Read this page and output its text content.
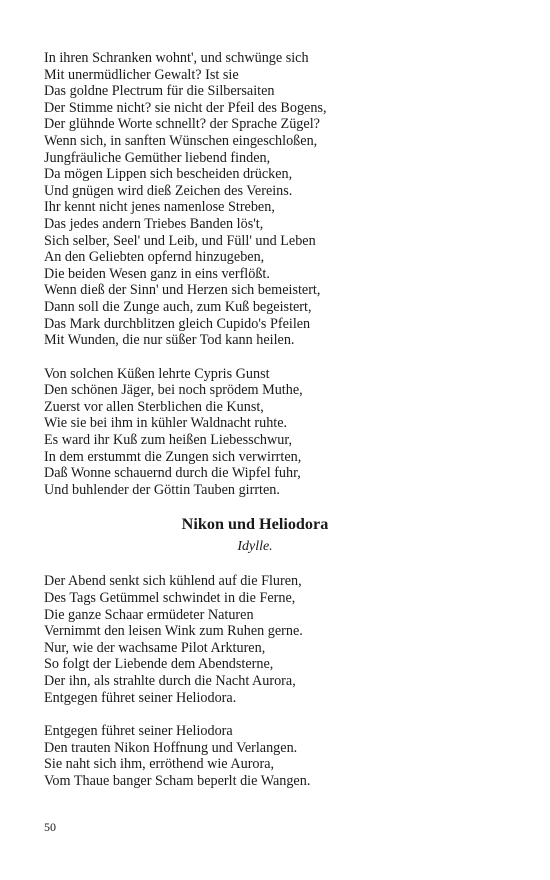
In ihren Schranken wohnt', und schwünge sich
Mit unermüdlicher Gewalt? Ist sie
Das goldne Plectrum für die Silbersaiten
Der Stimme nicht? sie nicht der Pfeil des Bogens,
Der glühnde Worte schnellt? der Sprache Zügel?
Wenn sich, in sanften Wünschen eingeschloßen,
Jungfräuliche Gemüther liebend finden,
Da mögen Lippen sich bescheiden drücken,
Und gnügen wird dieß Zeichen des Vereins.
Ihr kennt nicht jenes namenlose Streben,
Das jedes andern Triebes Banden lös't,
Sich selber, Seel' und Leib, und Füll' und Leben
An den Geliebten opfernd hinzugeben,
Die beiden Wesen ganz in eins verflößt.
Wenn dieß der Sinn' und Herzen sich bemeistert,
Dann soll die Zunge auch, zum Kuß begeistert,
Das Mark durchblitzen gleich Cupido's Pfeilen
Mit Wunden, die nur süßer Tod kann heilen.
Von solchen Küßen lehrte Cypris Gunst
Den schönen Jäger, bei noch sprödem Muthe,
Zuerst vor allen Sterblichen die Kunst,
Wie sie bei ihm in kühler Waldnacht ruhte.
Es ward ihr Kuß zum heißen Liebesschwur,
In dem erstummt die Zungen sich verwirrten,
Daß Wonne schauernd durch die Wipfel fuhr,
Und buhlender der Göttin Tauben girrten.
Nikon und Heliodora
Idylle.
Der Abend senkt sich kühlend auf die Fluren,
Des Tags Getümmel schwindet in die Ferne,
Die ganze Schaar ermüdeter Naturen
Vernimmt den leisen Wink zum Ruhen gerne.
Nur, wie der wachsame Pilot Arkturen,
So folgt der Liebende dem Abendsterne,
Der ihn, als strahlte durch die Nacht Aurora,
Entgegen führet seiner Heliodora.
Entgegen führet seiner Heliodora
Den trauten Nikon Hoffnung und Verlangen.
Sie naht sich ihm, erröthend wie Aurora,
Vom Thaue banger Scham beperlt die Wangen.
50
